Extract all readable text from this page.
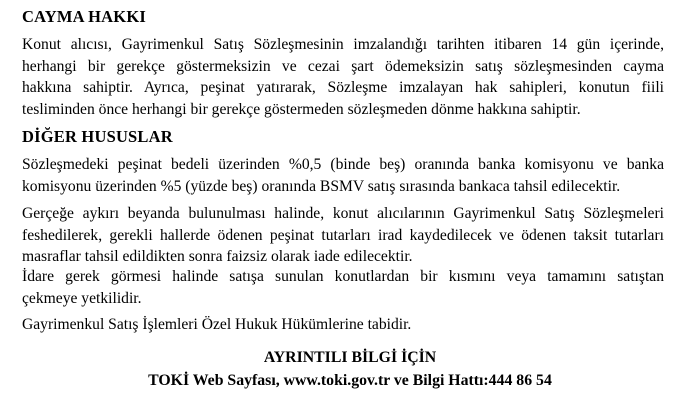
CAYMA HAKKI

Konut alıcısı, Gayrimenkul Satış Sözleşmesinin imzalandığı tarihten itibaren 14 gün içerinde,
herhangi bir gerekçe göstermeksizin ve cezai şart ödemeksizin satış sözleşmesinden cayma
hakkına sahiptir. Ayrıca, peşinat yatırarak, Sözleşme imzalayan hak sahipleri, konutun fiili
tesliminden önce herhangi bir gerekçe göstermeden sözleşmeden dönme hakkına sahiptir.

DİĞER HUSUSLAR

Sözleşmedeki peşinat bedeli üzerinden %0,5 (binde beş) oranında banka komisyonu ve banka
komisyonu üzerinden %5 (yüzde beş) oranında BSMV satış sırasında bankaca tahsil edilecektir.

Gerçeğe aykırı beyanda bulunulması halinde, konut alıcılarının Gayrimenkul Satış Sözleşmeleri
feshedilerek, gerekli hallerde ödenen peşinat tutarları irad kaydedilecek ve ödenen taksit tutarları
masraflar tahsil edildikten sonra faizsiz olarak iade edilecektir.

İdare gerek görmesi halinde satışa sunulan konutlardan bir kısmını veya tamamını satıştan
çekmeye yetkilidir.

Gayrimenkul Satış İşlemleri Özel Hukuk Hükümlerine tabidir.

AYRINTILI BİLGİ İÇİN

TOKİ Web Sayfası, www.toki.gov.tr ve Bilgi Hattı:444 86 54
